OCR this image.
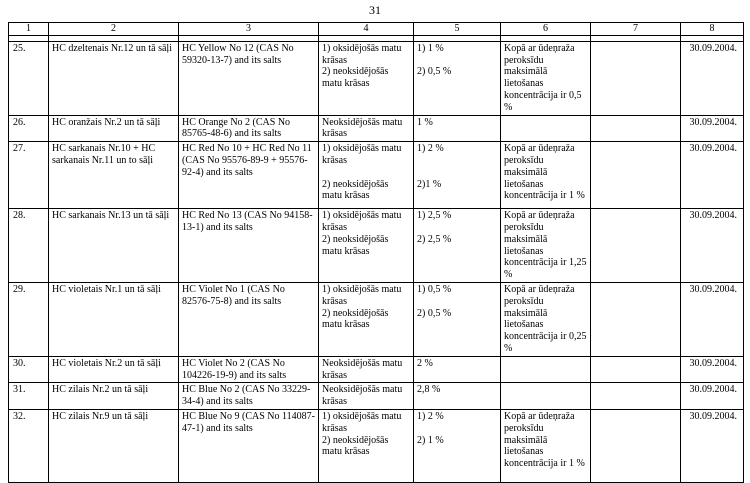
31
1	2	3	4	5	6	7	8

25.	HC dzeltenais Nr.12 un tā sāļi	HC Yellow No 12 (CAS No 59320-13-7) and its salts	1) oksidējošās matu krāsas
2) neoksidējošās matu krāsas	1) 1 %

2) 0,5 %	Kopā ar ūdeņraža peroksīdu maksimālā lietošanas koncentrācija ir 0,5 %		30.09.2004.
26.	HC oranžais Nr.2 un tā sāļi	HC Orange No 2 (CAS No 85765-48-6) and its salts	Neoksidējošās matu krāsas	1 %			30.09.2004.
27.	HC sarkanais Nr.10 + HC sarkanais Nr.11 un to sāļi	HC Red No 10 + HC Red No 11 (CAS No 95576-89-9 + 95576-92-4) and its salts	1) oksidējošās matu krāsas

2) neoksidējošās matu krāsas	1) 2 %

2)1 %	Kopā ar ūdeņraža peroksīdu maksimālā lietošanas koncentrācija ir 1 %		30.09.2004.
28.	HC sarkanais Nr.13 un tā sāļi	HC Red No 13 (CAS No 94158-13-1) and its salts	1) oksidējošās matu krāsas
2) neoksidējošās matu krāsas	1) 2,5 %

2) 2,5 %	Kopā ar ūdeņraža peroksīdu maksimālā lietošanas koncentrācija ir 1,25 %		30.09.2004.
29.	HC violetais Nr.1 un tā sāļi	HC Violet No 1 (CAS No 82576-75-8) and its salts	1) oksidējošās matu krāsas
2) neoksidējošās matu krāsas	1) 0,5 %

2) 0,5 %	Kopā ar ūdeņraža peroksīdu maksimālā lietošanas koncentrācija ir 0,25 %		30.09.2004.
30.	HC violetais Nr.2 un tā sāļi	HC Violet No 2 (CAS No 104226-19-9) and its salts	Neoksidējošās matu krāsas	2 %			30.09.2004.
31.	HC zilais Nr.2 un tā sāļi	HC Blue No 2 (CAS No 33229-34-4) and its salts	Neoksidējošās matu krāsas	2,8 %			30.09.2004.
32.	HC zilais Nr.9 un tā sāļi	HC Blue No 9 (CAS No 114087-47-1) and its salts	1) oksidējošās matu krāsas
2) neoksidējošās matu krāsas	1) 2 %

2) 1 %	Kopā ar ūdeņraža peroksīdu maksimālā lietošanas koncentrācija ir 1 %		30.09.2004.
